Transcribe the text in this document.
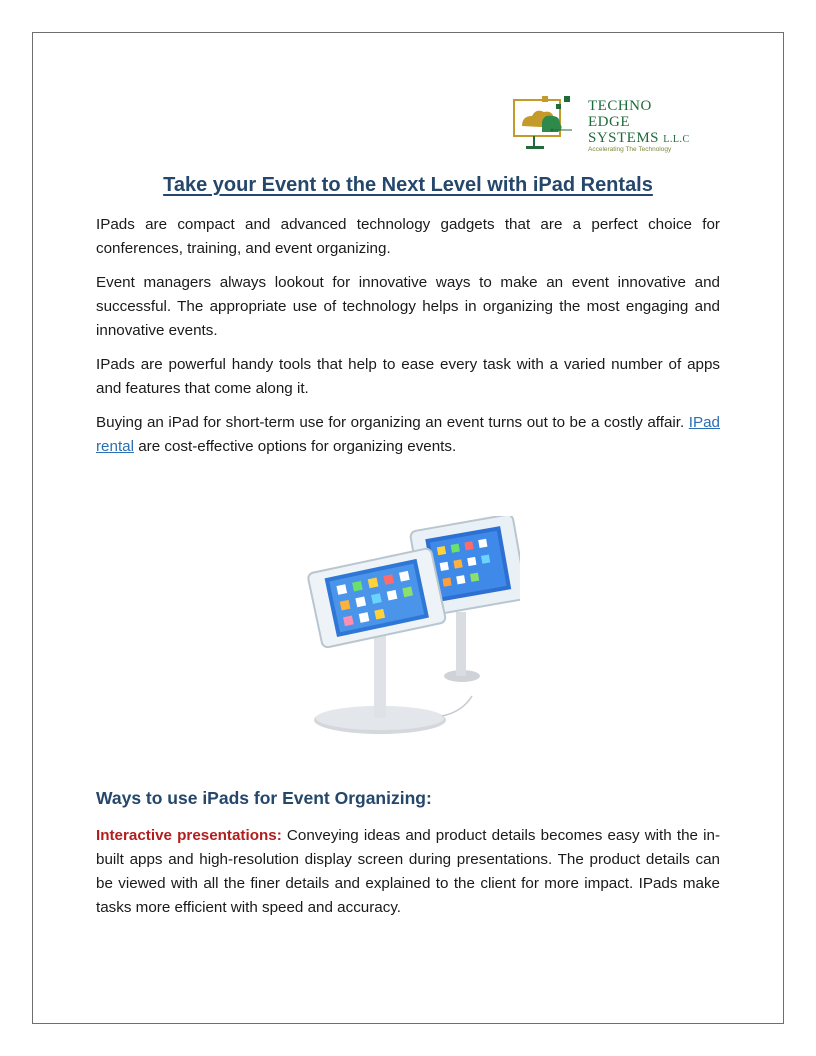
TECHNO
EDGE
SYSTEMS L.L.C
Accelerating The Technology
Take your Event to the Next Level with iPad Rentals

IPads are compact and advanced technology gadgets that are a perfect choice for conferences, training, and event organizing.

Event managers always lookout for innovative ways to make an event innovative and successful. The appropriate use of technology helps in organizing the most engaging and innovative events.

IPads are powerful handy tools that help to ease every task with a varied number of apps and features that come along it.

Buying an iPad for short-term use for organizing an event turns out to be a costly affair. IPad rental are cost-effective options for organizing events.

Ways to use iPads for Event Organizing:

Interactive presentations: Conveying ideas and product details becomes easy with the in-built apps and high-resolution display screen during presentations. The product details can be viewed with all the finer details and explained to the client for more impact. IPads make tasks more efficient with speed and accuracy.
